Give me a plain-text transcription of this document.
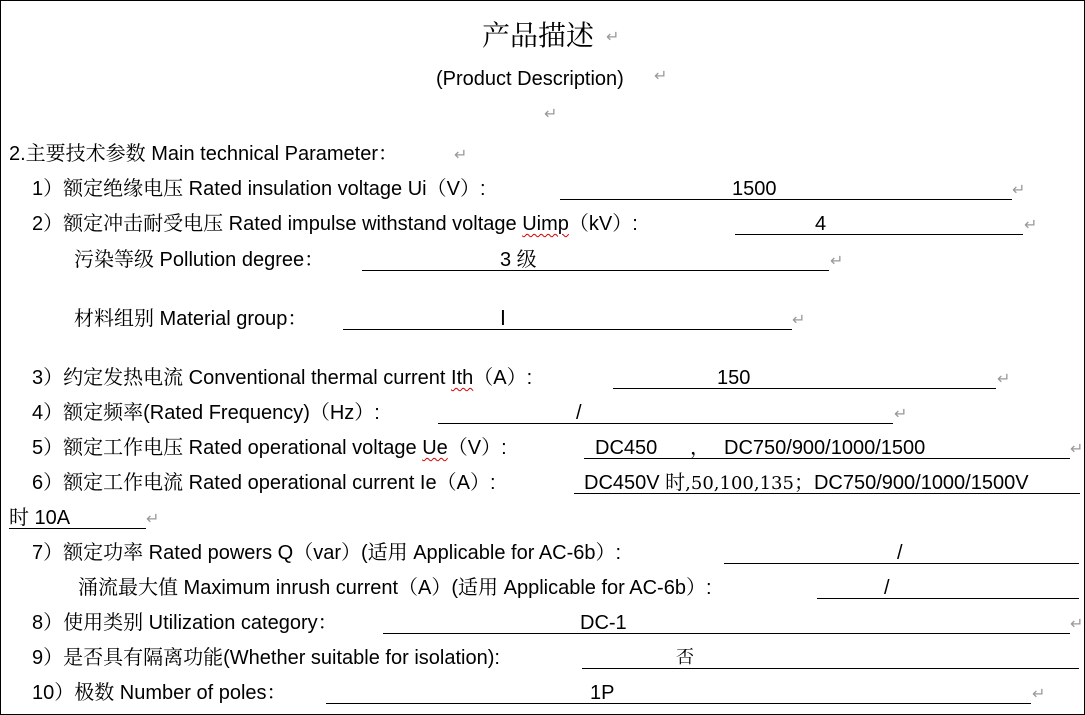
产品描述 ↵
(Product Description) ↵
↵
2.主要技术参数 Main technical Parameter：	↵
1）额定绝缘电压 Rated insulation voltage Ui（V）:	1500	↵
2）额定冲击耐受电压 Rated impulse withstand voltage Uimp（kV）:	4	↵
污染等级 Pollution degree：	3 级	↵
材料组别 Material group：	Ⅰ	↵
3）约定发热电流 Conventional thermal current Ith（A）:	150	↵
4）额定频率(Rated Frequency)（Hz）:	/	↵
5）额定工作电压 Rated operational voltage Ue（V）:	DC450 ， DC750/900/1000/1500	↵
6）额定工作电流 Rated operational current Ie（A）:	DC450V 时,50,100,135；DC750/900/1000/1500V
时 10A	↵
7）额定功率 Rated powers Q（var）(适用 Applicable for AC-6b）:	/
涌流最大值 Maximum inrush current（A）(适用 Applicable for AC-6b）:	/
8）使用类别 Utilization category：	DC-1	↵
9）是否具有隔离功能(Whether suitable for isolation):	否
10）极数 Number of poles：	1P	↵
